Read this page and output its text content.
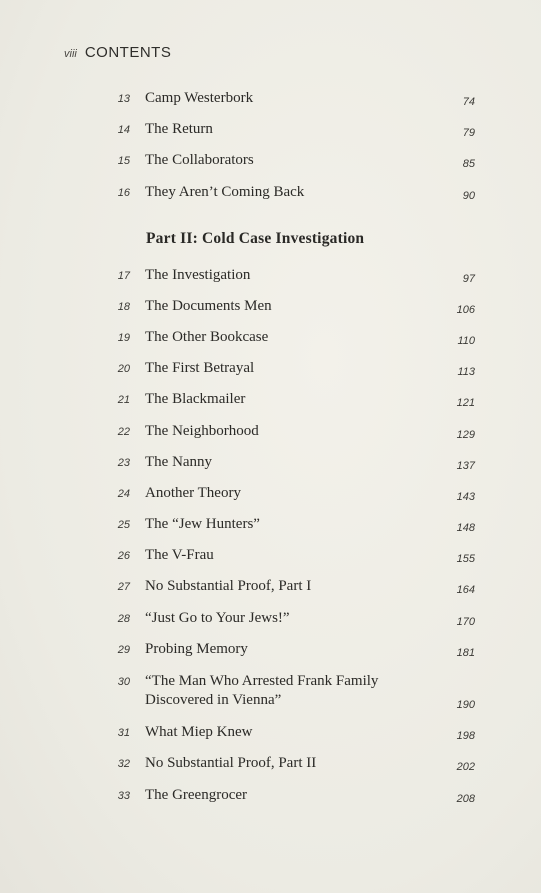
viii CONTENTS
13 Camp Westerbork	74
14 The Return	79
15 The Collaborators	85
16 They Aren’t Coming Back	90
Part II: Cold Case Investigation
17 The Investigation	97
18 The Documents Men	106
19 The Other Bookcase	110
20 The First Betrayal	113
21 The Blackmailer	121
22 The Neighborhood	129
23 The Nanny	137
24 Another Theory	143
25 The “Jew Hunters”	148
26 The V-Frau	155
27 No Substantial Proof, Part I	164
28 “Just Go to Your Jews!”	170
29 Probing Memory	181
30 “The Man Who Arrested Frank Family
Discovered in Vienna”	190
31 What Miep Knew	198
32 No Substantial Proof, Part II	202
33 The Greengrocer	208
